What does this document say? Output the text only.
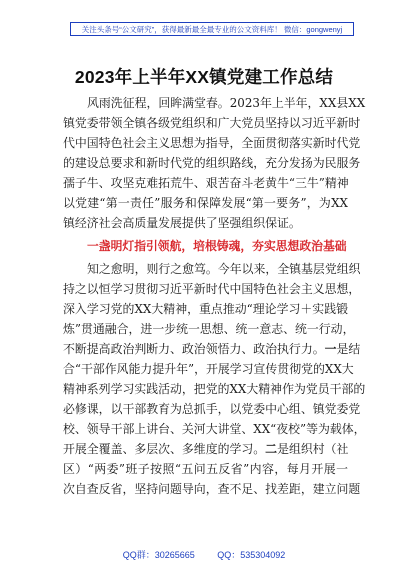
关注头条号“公文研究”，获得最新最全最专业的公文资料库！ 微信：gongwenyj
2023年上半年XX镇党建工作总结
风雨洗征程，回眸满堂春。2023年上半年，XX县XX
镇党委带领全镇各级党组织和广大党员坚持以习近平新时
代中国特色社会主义思想为指导，全面贯彻落实新时代党
的建设总要求和新时代党的组织路线，充分发扬为民服务
孺子牛、攻坚克难拓荒牛、艰苦奋斗老黄牛“三牛”精神
以党建“第一责任”服务和保障发展“第一要务”，为XX
镇经济社会高质量发展提供了坚强组织保证。
一盏明灯指引领航，培根铸魂，夯实思想政治基础
知之愈明，则行之愈笃。今年以来，全镇基层党组织
持之以恒学习贯彻习近平新时代中国特色社会主义思想，
深入学习党的XX大精神，重点推动“理论学习＋实践锻
炼”贯通融合，进一步统一思想、统一意志、统一行动，
不断提高政治判断力、政治领悟力、政治执行力。一是结
合“干部作风能力提升年”，开展学习宣传贯彻党的XX大
精神系列学习实践活动，把党的XX大精神作为党员干部的
必修课，以干部教育为总抓手，以党委中心组、镇党委党
校、领导干部上讲台、关河大讲堂、XX“夜校”等为载体，
开展全覆盖、多层次、多维度的学习。二是组织村（社
区）“两委”班子按照“五问五反省”内容，每月开展一
次自查反省，坚持问题导向，查不足、找差距，建立问题
QQ群：30265665	QQ：535304092
